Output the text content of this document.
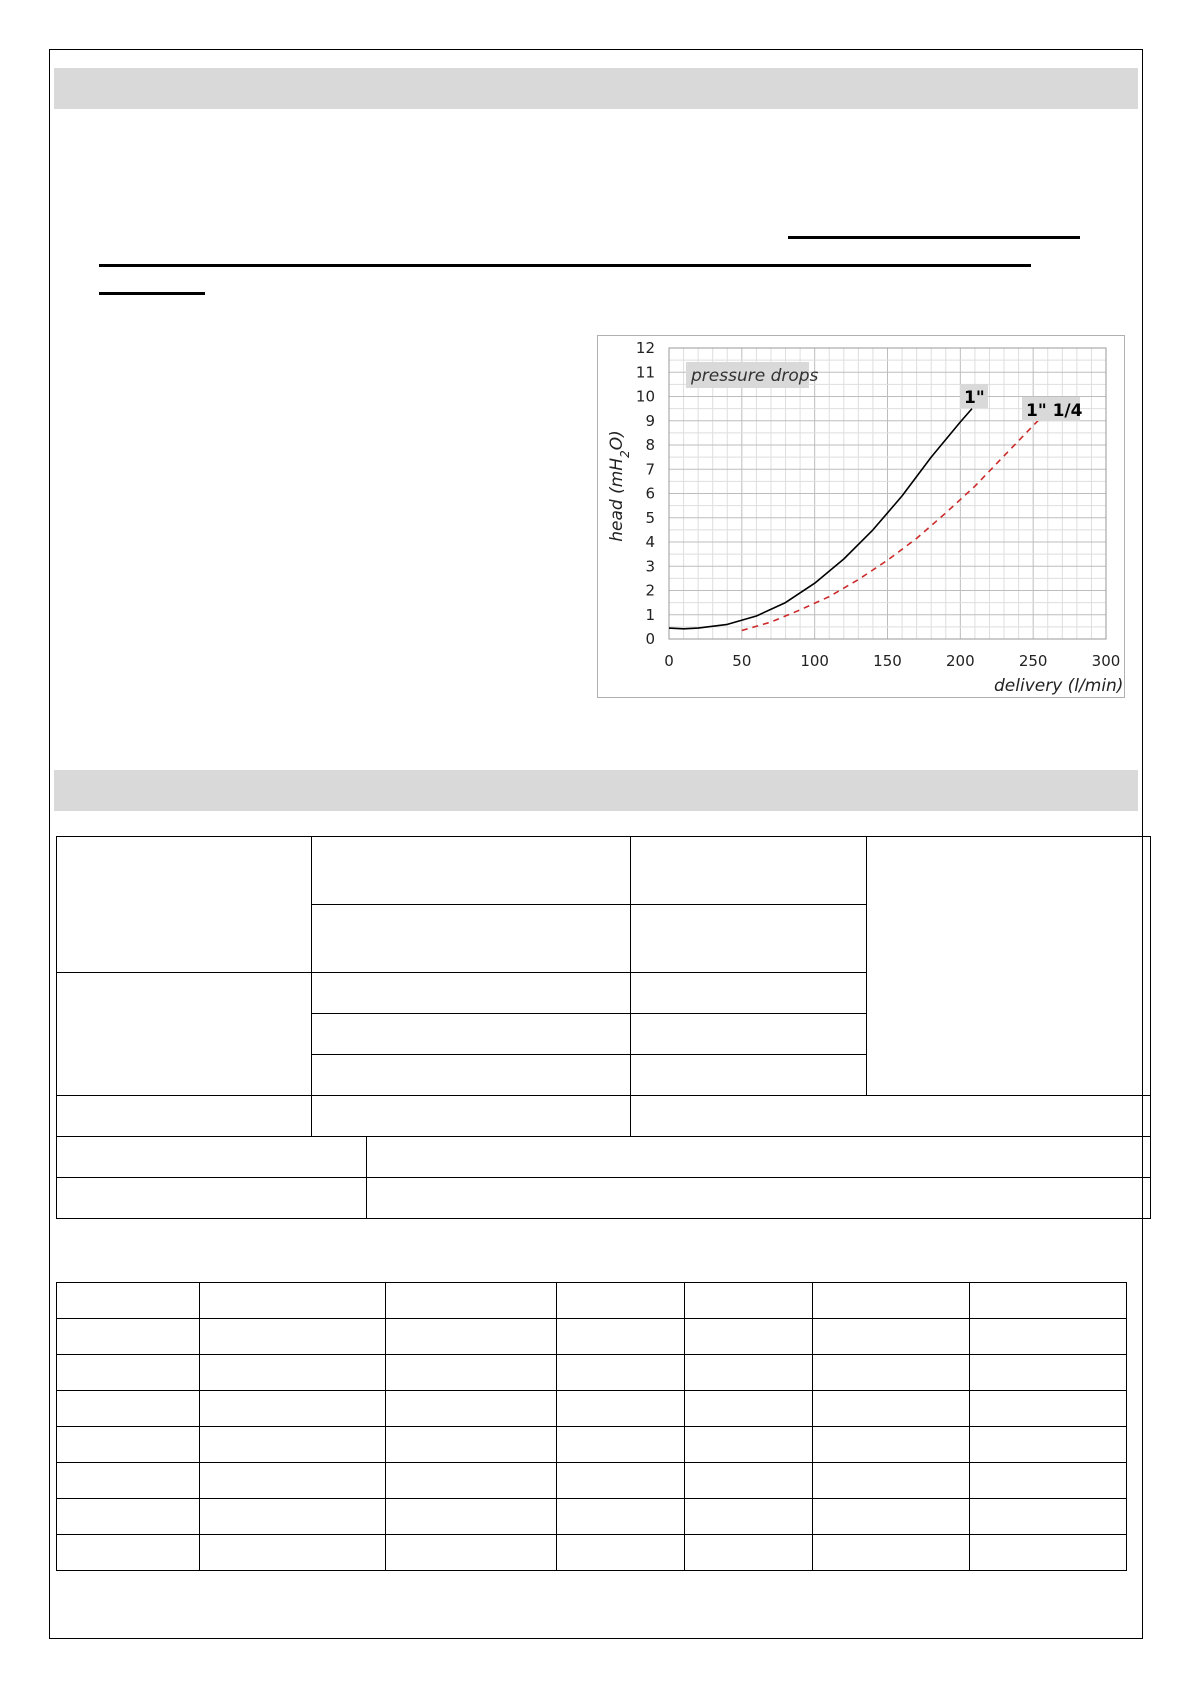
0	50	100	150	200	250	300
0
1
2
3
4
5
6
7
8
9
10
11
12
pressure drops
1"
1" 1/4
delivery (l/min)
head $(mH_2O)$
